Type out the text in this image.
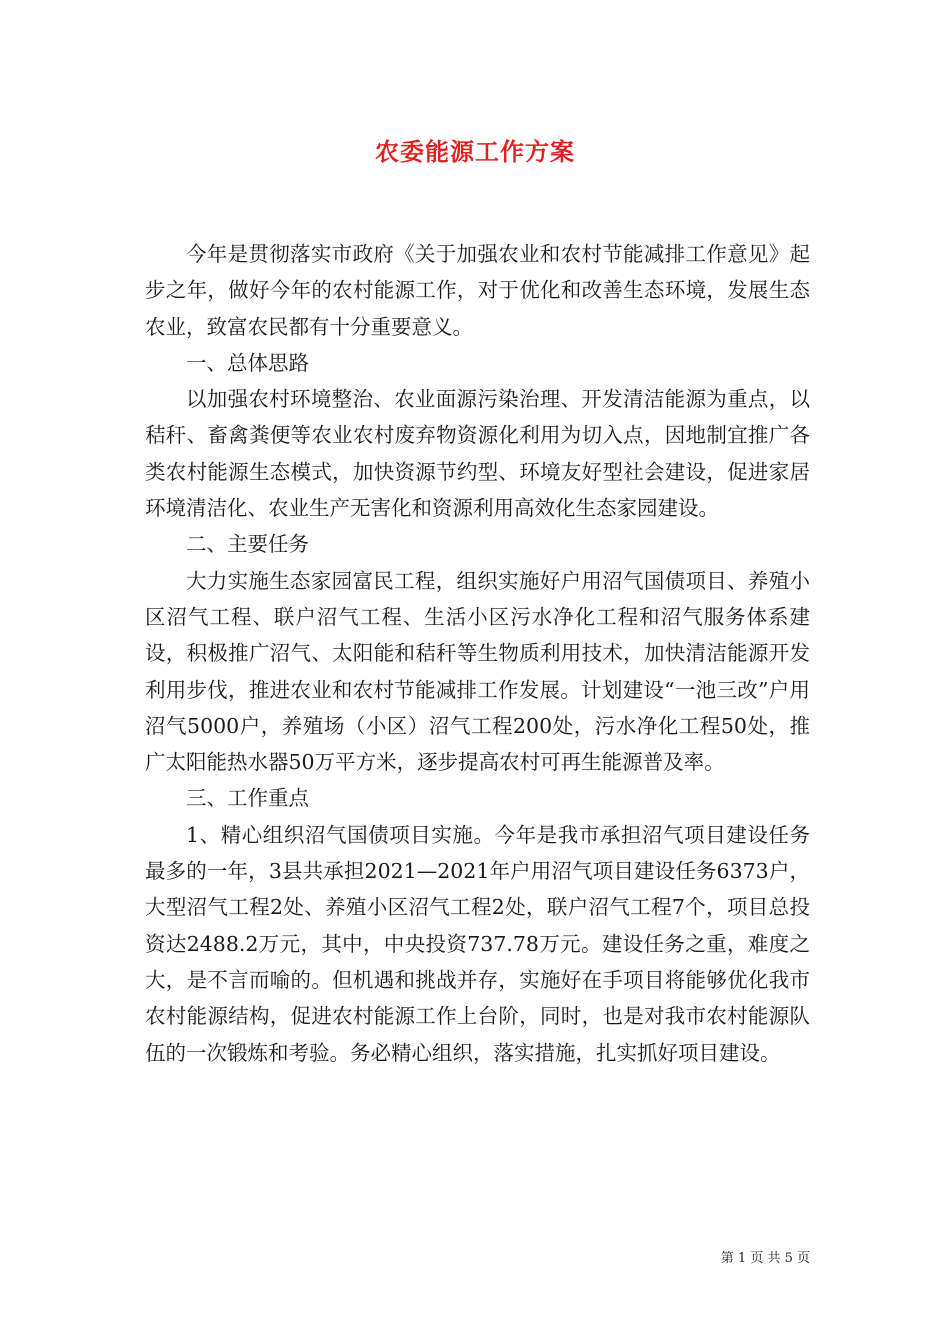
农委能源工作方案

今年是贯彻落实市政府《关于加强农业和农村节能减排工作意见》起步之年，做好今年的农村能源工作，对于优化和改善生态环境，发展生态农业，致富农民都有十分重要意义。

一、总体思路

以加强农村环境整治、农业面源污染治理、开发清洁能源为重点，以秸秆、畜禽粪便等农业农村废弃物资源化利用为切入点，因地制宜推广各类农村能源生态模式，加快资源节约型、环境友好型社会建设，促进家居环境清洁化、农业生产无害化和资源利用高效化生态家园建设。

二、主要任务

大力实施生态家园富民工程，组织实施好户用沼气国债项目、养殖小区沼气工程、联户沼气工程、生活小区污水净化工程和沼气服务体系建设，积极推广沼气、太阳能和秸秆等生物质利用技术，加快清洁能源开发利用步伐，推进农业和农村节能减排工作发展。计划建设“一池三改”户用沼气5000户，养殖场（小区）沼气工程200处，污水净化工程50处，推广太阳能热水器50万平方米，逐步提高农村可再生能源普及率。

三、工作重点

1、精心组织沼气国债项目实施。今年是我市承担沼气项目建设任务最多的一年，3县共承担2021—2021年户用沼气项目建设任务6373户，大型沼气工程2处、养殖小区沼气工程2处，联户沼气工程7个，项目总投资达2488.2万元，其中，中央投资737.78万元。建设任务之重，难度之大，是不言而喻的。但机遇和挑战并存，实施好在手项目将能够优化我市农村能源结构，促进农村能源工作上台阶，同时，也是对我市农村能源队伍的一次锻炼和考验。务必精心组织，落实措施，扎实抓好项目建设。

第 1 页 共 5 页
